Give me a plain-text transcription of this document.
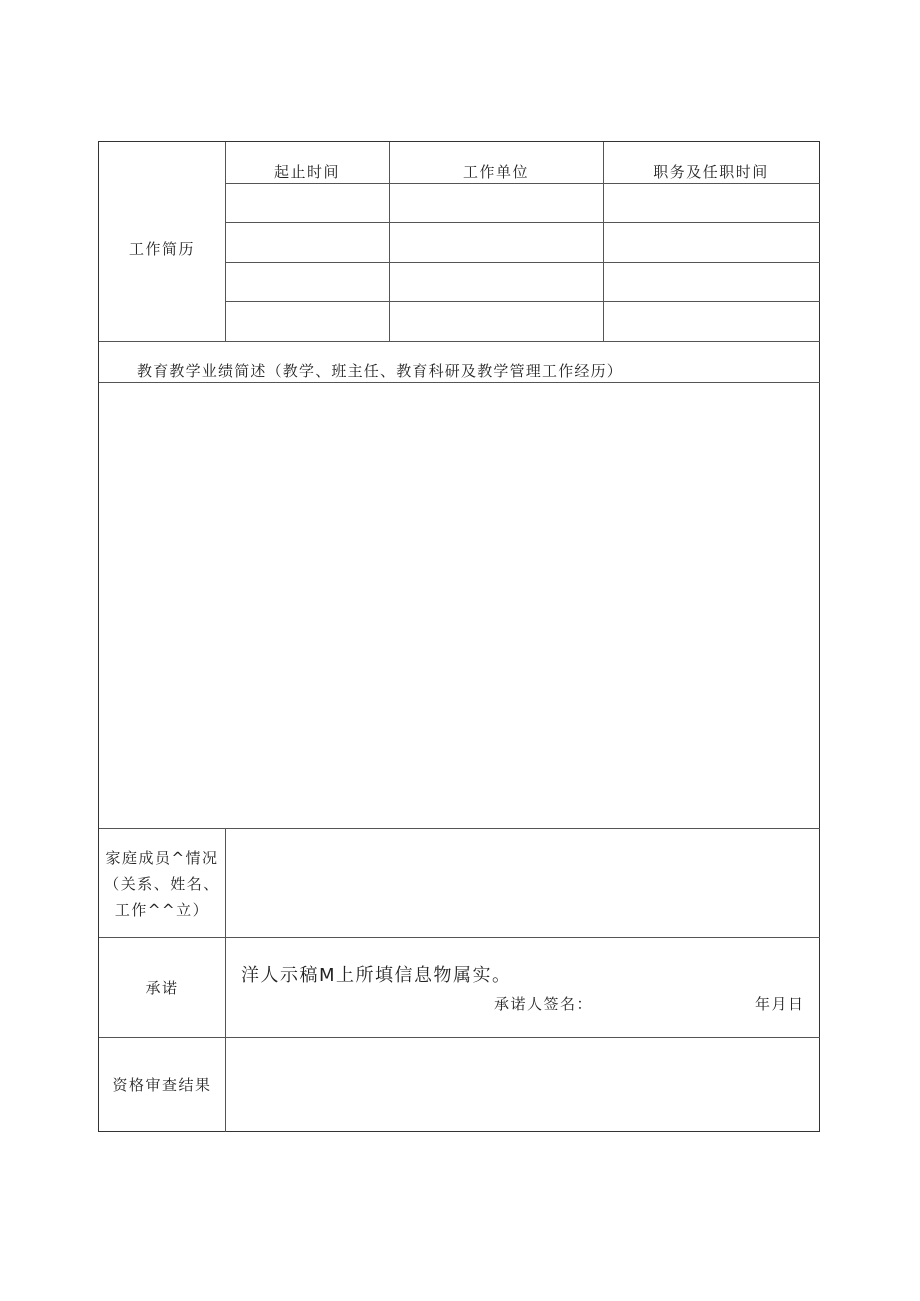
工作简历
起止时间	工作单位	职务及任职时间
教育教学业绩简述（教学、班主任、教育科研及教学管理工作经历）
家庭成员^情况
（关系、姓名、
工作^^立）
承诺
洋人示稿M上所填信息物属实。
承诺人签名：	年月日
资格审查结果
